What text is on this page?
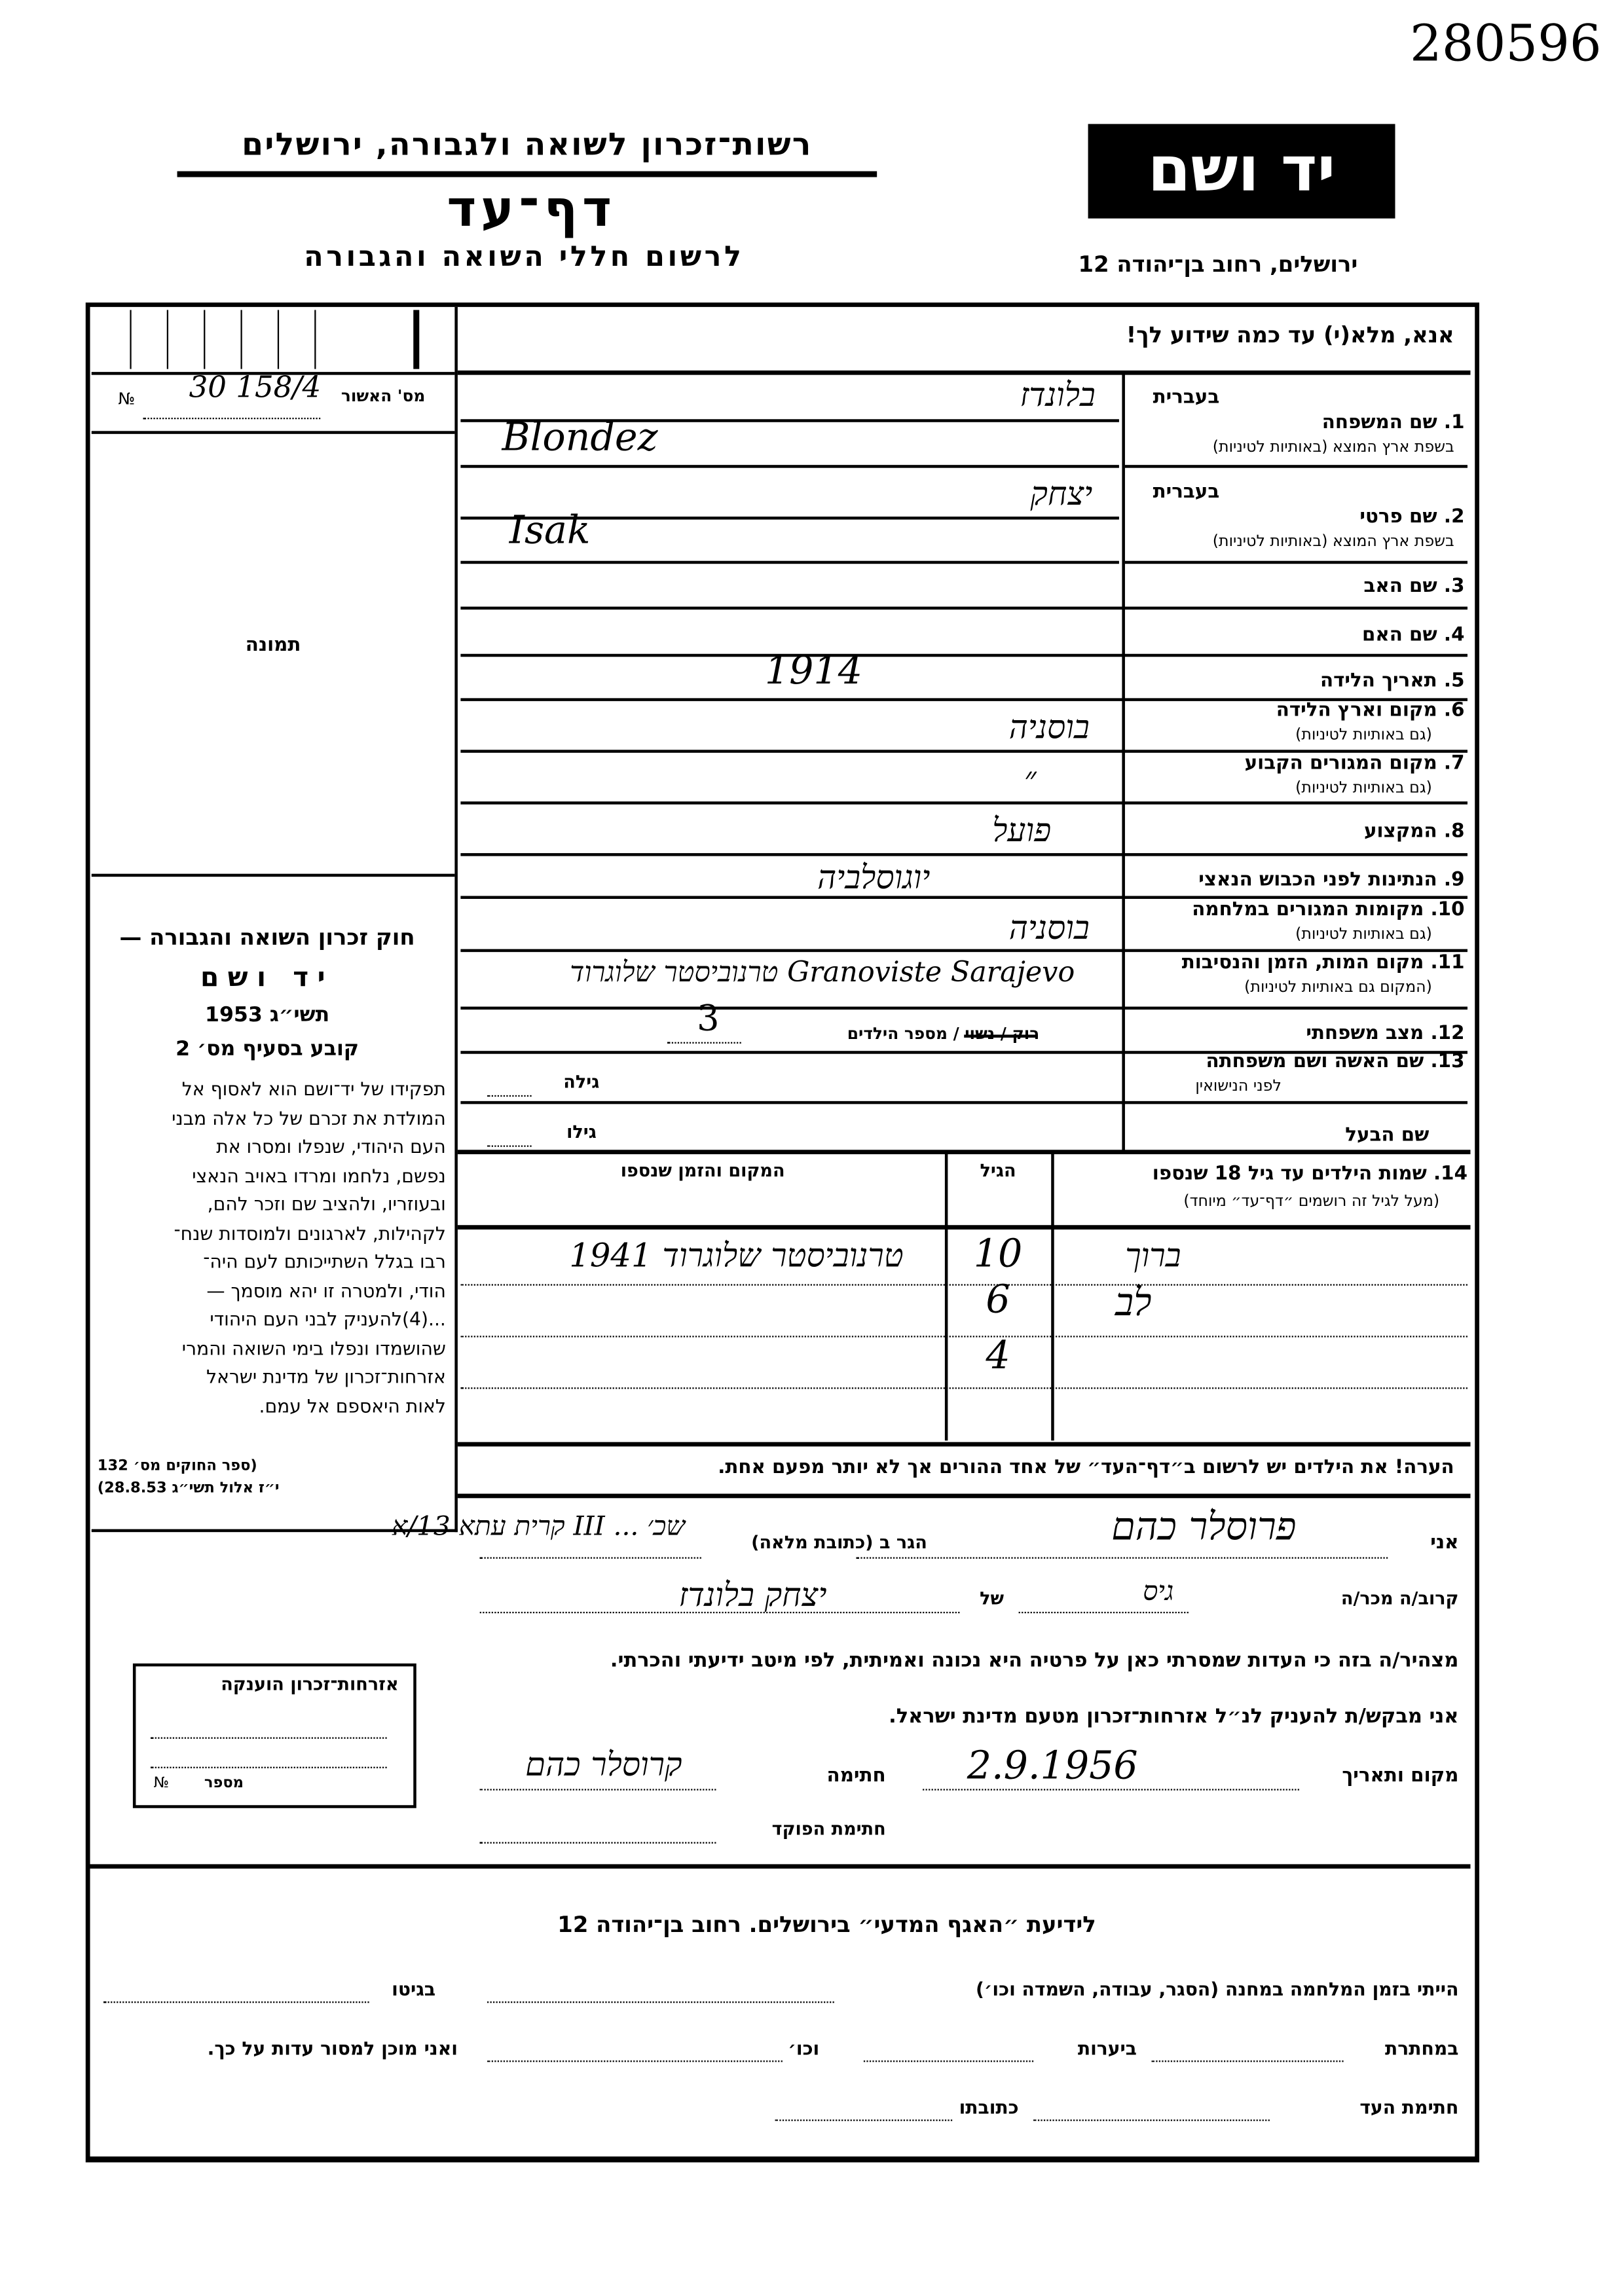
280596
רשות־זכרון לשואה ולגבורה, ירושלים
דף־עד
לרשום חללי השואה והגבורה
יד ושם
ירושלים, רחוב בן־יהודה 12
מס' האשור
№	30 158/4
תמונה
חוק זכרון השואה והגבורה —
יד ושם
תשי״ג 1953
קובע בסעיף מס׳ 2
תפקידו של יד־ושם הוא לאסוף אל
המולדת את זכרם של כל אלה מבני
העם היהודי, שנפלו ומסרו את
נפשם, נלחמו ומרדו באויב הנאצי
ובעוזריו, ולהציב שם וזכר להם,
לקהילות, לארגונים ולמוסדות שנח־
רבו בגלל השתייכותם לעם היה־
הודי, ולמטרה זו יהא מוסמך —
...(4)להעניק לבני העם היהודי
שהושמדו ונפלו בימי השואה והמרי
אזרחות־זכרון של מדינת ישראל
לאות היאספם אל עמם.
(ספר החוקים מס׳ 132
י״ז אלול תשי״ג 28.8.53)
אנא, מלא(י) עד כמה שידוע לך!
בעברית
1. שם המשפחה
בשפת ארץ המוצא (באותיות לטיניות)
בלונדז
Blondez
בעברית
2. שם פרטי
בשפת ארץ המוצא (באותיות לטיניות)
יצחק
Isak
3. שם האב
4. שם האם
5. תאריך הלידה
1914
6. מקום וארץ הלידה
(גם באותיות לטיניות)
בוסניה
7. מקום המגורים הקבוע
(גם באותיות לטיניות)
״
8. המקצוע
פועל
9. הנתינות לפני הכבוש הנאצי
יוגוסלביה
10. מקומות המגורים במלחמה
(גם באותיות לטיניות)
בוסניה
11. מקום המות, הזמן והנסיבות
(המקום גם באותיות לטיניות)
Granoviste Sarajevo טרנוביסטר שלוגרוד
12. מצב משפחתי
רוק / נשוי / מספר הילדים
3
13. שם האשה ושם משפחתה
לפני הנישואין
גילה
שם הבעל
גילו
14. שמות הילדים עד גיל 18 שנספו
(מעל לגיל זה רושמים ״דף־עד״ מיוחד)
הגיל
המקום והזמן שנספו
ברוך
10
טרנוביסטר שלוגרוד 1941
לב
6
4
הערה! את הילדים יש לרשום ב״דף־העד״ של אחד ההורים אך לא יותר מפעם אחת.
אני
פרוסלר כהם
הגר ב (כתובת מלאה)
שכ׳ ... III קרית עתא 13/א
קרוב/ה מכר/ה
גיס
של
יצחק בלונדז
מצהיר/ה בזה כי העדות שמסרתי כאן על פרטיה היא נכונה ואמיתית, לפי מיטב ידיעתי והכרתי.
אני מבקש/ת להעניק לנ״ל אזרחות־זכרון מטעם מדינת ישראל.
מקום ותאריך
2.9.1956
חתימה
קרוסלר כהם
חתימת הפוקד
אזרחות־זכרון הוענקה
מספר
№
לידיעת ״האגף המדעי״ בירושלים. רחוב בן־יהודה 12
הייתי בזמן המלחמה במחנה (הסגר, עבודה, השמדה וכו׳)
בגיטו
במחתרת
ביערות
וכו׳
ואני מוכן למסור עדות על כך.
חתימת העד
כתובתו
